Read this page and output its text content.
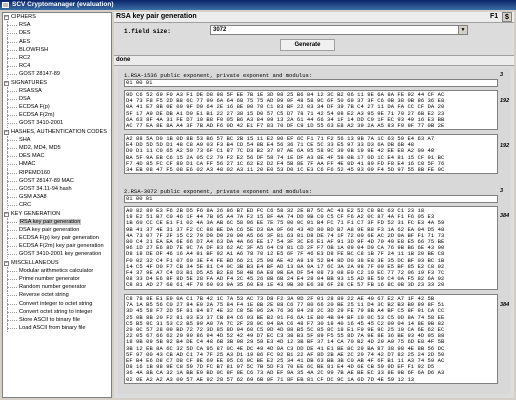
SCV Cryptomanager (evaluation)
− CIPHERS
RSA
DES
AES
BLOWFISH
RC2
RC4
GOST 28147-89
− SIGNATURES
RSASSA
DSA
ECDSA F(p)
ECDSA F(2m)
GOST 3410-2001
− HASHES, AUTHENTICATION CODES
SHA
MD2, MD4, MD5
DES MAC
HMAC
RIPEMD160
GOST 28147-89 MAC
GOST 34.11-94 hash
GSM A3A8
CRC
− KEY GENERATION
RSA key pair generation
DSA key pair generation
ECDSA F(p) key pair generation
ECDSA F(2m) key pair generation
GOST 3410-2001 key generation
− MISCELLANEOUS
Modular arithmetics calculator
Prime number generator
Random number generator
Reverse octet string
Convert integer to octet string
Convert octet string to integer
Store ASCII to binary file
Load ASCII from binary file
RSA key pair generation	F1 $
1.field size:	3072	▼
Generate
done
1.RSA-1536 public exponent, private exponent and modulus:	3
01 00 01
192
9D C6 52 69 F0 A3 F1 DE D8 98 5F EE 7B 1E 3D 08 25 B6 84 12 3C B2 06 11 9E 6A 8A FE 92 44 CF AC
D4 73 F8 F5 2D B8 6C 77 99 6A 64 68 75 75 AD 09 0F 48 58 9C 6F 50 69 37 3F C6 0B 38 0B 86 36 E8
0A 41 E7 8B 0E 00 9F D0 64 2E 16 8E 00 70 C1 83 BF 22 03 34 DF 39 7B C4 27 11 DA FA CC CF DA 20
5F 17 A9 DE DB A1 D0 E1 B1 22 27 38 15 D0 57 C5 D7 78 71 42 54 08 E2 A3 95 9E 71 70 27 6B E2 23
6A 63 8F 4A 31 FE D7 10 B8 F0 05 B6 A3 84 09 13 2A 61 44 66 34 1F 14 DD C0 1F EC 93 49 16 E3 BB
AC 77 EA 8E 8A A4 3F 7B AD F6 0D 42 E1 F7 83 70 DF C9 1D 55 63 E8 A2 39 2A A5 83 F9 9F 77 0B 2E
192
A2 88 5A D0 1B 0D 8B 53 B6 57 BC 2B 15 11 E2 00 EF 6C F1 71 F2 56 13 9B 7A 1C 63 59 E4 63 A7
E4 DD 5D 5D D1 48 C8 A9 03 F3 B4 CD 54 8B E4 56 36 71 CE 5C 33 E5 97 33 D3 6A DB 6B 48
D0 D1 11 C0 65 A2 50 73 6F C1 87 7C D3 B2 37 07 AE 6A 05 58 9C 39 0B 19 9E 42 EE E8 A2 09 48
BA 5F 9A EB C6 15 2A 05 C2 79 F2 E2 56 DF 58 74 1E DF A3 8E 4F 58 0B 17 0D 1C E4 81 15 CF 91 BC
F7 4D 85 FC CF 80 D1 CA FF 56 27 1C 62 E2 D2 F4 5B 8E 7F AA FF 4E 0D 41 89 FD F8 E4 16 C0 5F 76
34 EB 08 47 F5 08 E6 02 A3 48 02 A3 11 20 E0 53 D0 1C E3 C6 F6 52 45 93 09 F4 5D 97 55 8B FE 0C
2.RSA-3072 public exponent, private exponent and modulus:	3
01 00 01
384
A0 82 89 E3 F6 2B D5 F6 8A 26 86 B7 ED FC C6 58 32 2E B7 5C AC 43 E2 52 C8 BC 63 C1 23 18
18 E2 51 B7 C0 46 1F 44 7B 95 A4 7A F2 15 8F 4A 74 DD 9B C0 C5 CF F6 A2 0C 87 4A F1 F6 05 E3
1B 60 CC CE E1 F1 02 4A 3A AB 6C 58 96 EE 7E 75 00 0C 01 B4 FC 71 F1 C7 3F FD 52 31 FC E3 4A 59
9B 41 37 4E 31 37 F2 CC 88 BE DA C6 5E D3 8A 0F 60 43 4D 80 BD B7 A8 9E B8 F3 1A 62 EA 04 D5 48
4A 73 07 7F 2F 15 C2 79 D0 D0 20 00 A5 66 3F 81 63 81 D8 DE 74 1F 72 00 6E AC 2D 0A BF F1 71 73
80 C4 21 EA EA 6E 66 D7 A4 63 DA 4A 66 EE 17 54 3F 3C E6 E1 AF 91 3D 9F 4D 79 49 E8 E5 66 75 BE
96 1D 27 E6 8D 7E 9C 7A DF 83 62 AC 3F A5 64 C9 81 CD 2F F7 OB 1A 09 04 D9 CA 76 9B B6 6E 43 00
D8 18 DE DF 46 16 A4 81 BF 92 A1 A6 78 70 12 E5 6F 7F 46 E3 D8 FE BC C8 1B 7F 24 11 1B 20 BE C8
F0 02 32 C4 F1 07 60 3E F4 FE BD 66 21 25 90 AE 42 A9 19 52 B4 8D D0 38 E8 3E 35 DC BF 03 BC 1B
14 C5 4F D0 F7 CB 34 5E 81 C4 0C 3B B3 E4 BF AD 13 0A 0A 17 6C 3A 2A 98 7F 09 E5 BF 85 E2 C8 92
F4 37 9E A7 C4 D3 B1 D5 A5 B2 E8 58 4B 6A E8 9B EA DF 54 08 73 08 E0 C2 10 EC 77 72 06 19 F3 7C
08 33 D4 E6 8F 8D 5E 28 FA AD F4 2C 45 26 8B 6B 24 E4 28 04 BB 93 15 AD 8E 59 C4 0A F5 82 6A 92
C8 81 AD 27 68 61 4F 70 60 03 9A 35 60 E9 1E 43 9B 30 E6 38 6F 28 CE 57 FB 16 8C 0B 3D 23 33 20
384
C8 78 8E E1 E9 0A C1 7B 42 1C 7A 53 AC 73 D8 F2 3A 0D 2F 01 28 89 22 AE 40 67 E2 A7 1F 42 5B
7A 1A B5 56 C0 27 84 E0 2A 75 84 F4 1E 8B 2E 88 C6 77 80 66 20 BE 25 11 D4 3C B2 B3 B0 89 8F 51
3D 45 58 F7 2D 5F 81 84 87 4E 32 C8 5E 06 2A 76 36 84 28 2C 3D 29 FE 79 8B A4 BF C5 8F 91 CA CC
25 0B 8B 20 F2 81 93 E3 37 CB 84 C6 93 BE B2 01 F6 6A 1E B0 4B 94 BF 19 0C 53 C5 0D 8A 74 58 EE
C5 B5 8C 31 53 C2 B5 90 A0 7A 7C 2F 28 0C 04 8A C6 48 F7 30 18 40 16 45 45 C2 09 04 14 8E 9B 82
29 8C 57 28 09 BD 72 72 3D 85 8D 94 60 C5 9D 4D 88 B5 5C 85 8C 18 E1 F9 9E 9C 25 10 CA 6E 62 EC
22 05 67 66 62 20 99 86 94 4D 52 42 49 D7 EC C3 38 B3 5F 89 F5 55 8D 7A 9E 8E 36 BE 93 4D 95 88
18 9B 09 5B 92 B4 DE C4 48 6B 3B 98 29 58 E3 4D 12 3B BF 37 14 CA 70 B2 4D 29 A0 75 6D E8 4F 5B
3B 12 EB 8A 6C 32 5D CA 95 87 0C 4E DC 49 4D 0A C3 DD DE 41 E1 BE 8C 29 BA 87 38 98 4E 8B 56 DC
5F 97 00 43 CB AD C1 74 7F 25 A3 D1 19 86 FC 92 B1 22 AF 8D 2B AE 2C 20 74 42 D7 82 25 24 2D 50
EF B4 E6 D8 C7 D8 CF 8E 69 EE 95 C6 9C BE E2 25 34 41 DB 63 BB 3B C0 AB 4F 6F B1 11 A3 74 59 AC
D8 16 1B 98 9E C8 59 7D FC B7 81 97 5C 7B 5D F3 70 EE 6C BE 81 E4 4D 6E CB 59 9D EF F1 92 D5
36 4A 8B CA 32 1A BB E9 BD 0C 8F 8E C6 73 AD EF 9A 35 4A 2C 99 7B AE BE EC 33 8E 9B 6F 6A D6 A3
02 0E A2 A2 A3 00 57 AE 92 28 57 62 69 6B 0F 71 8F EB 81 CF DC 9C 1A 6D 7D 4E 59 12 13
